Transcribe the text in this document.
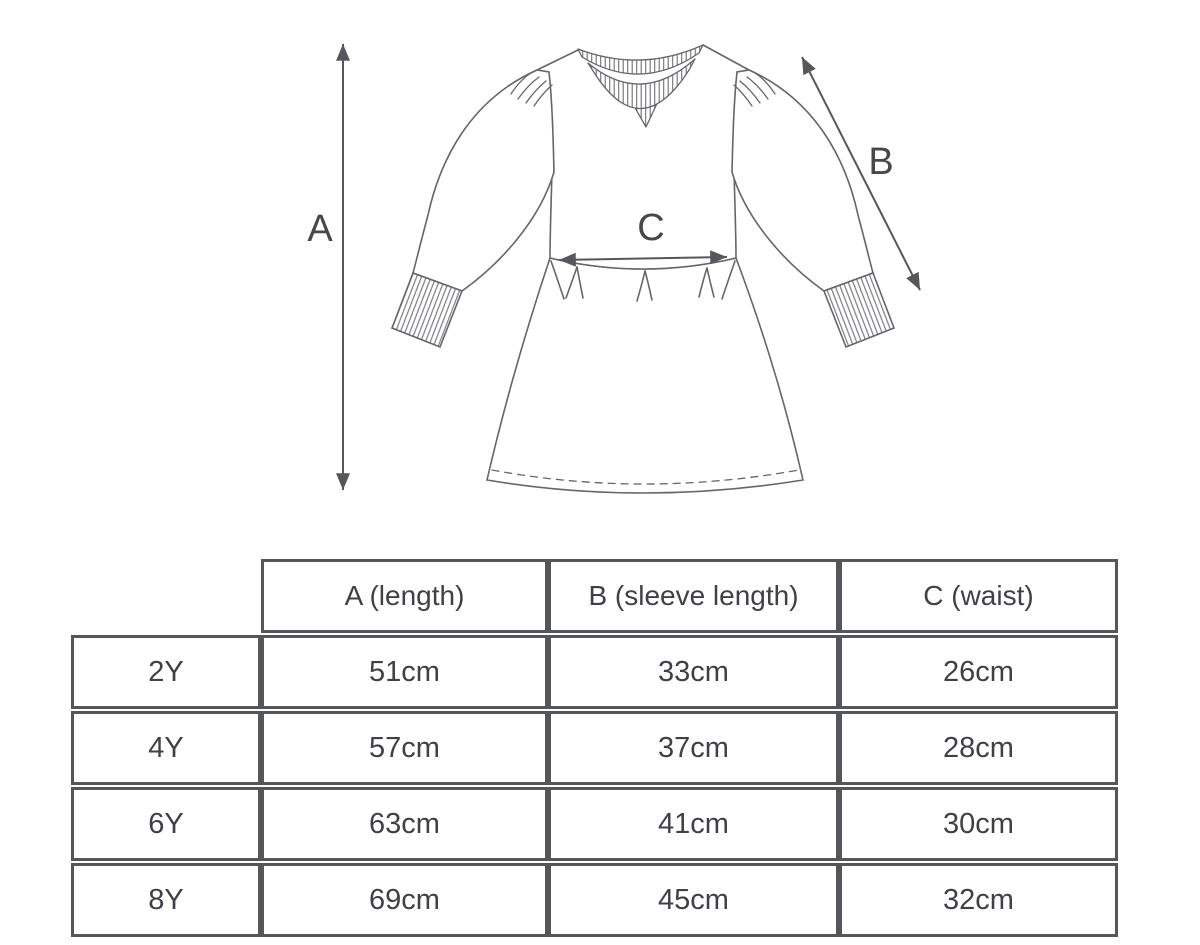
A
B
C
	A (length)	B (sleeve length)	C (waist)
2Y	51cm	33cm	26cm
4Y	57cm	37cm	28cm
6Y	63cm	41cm	30cm
8Y	69cm	45cm	32cm
